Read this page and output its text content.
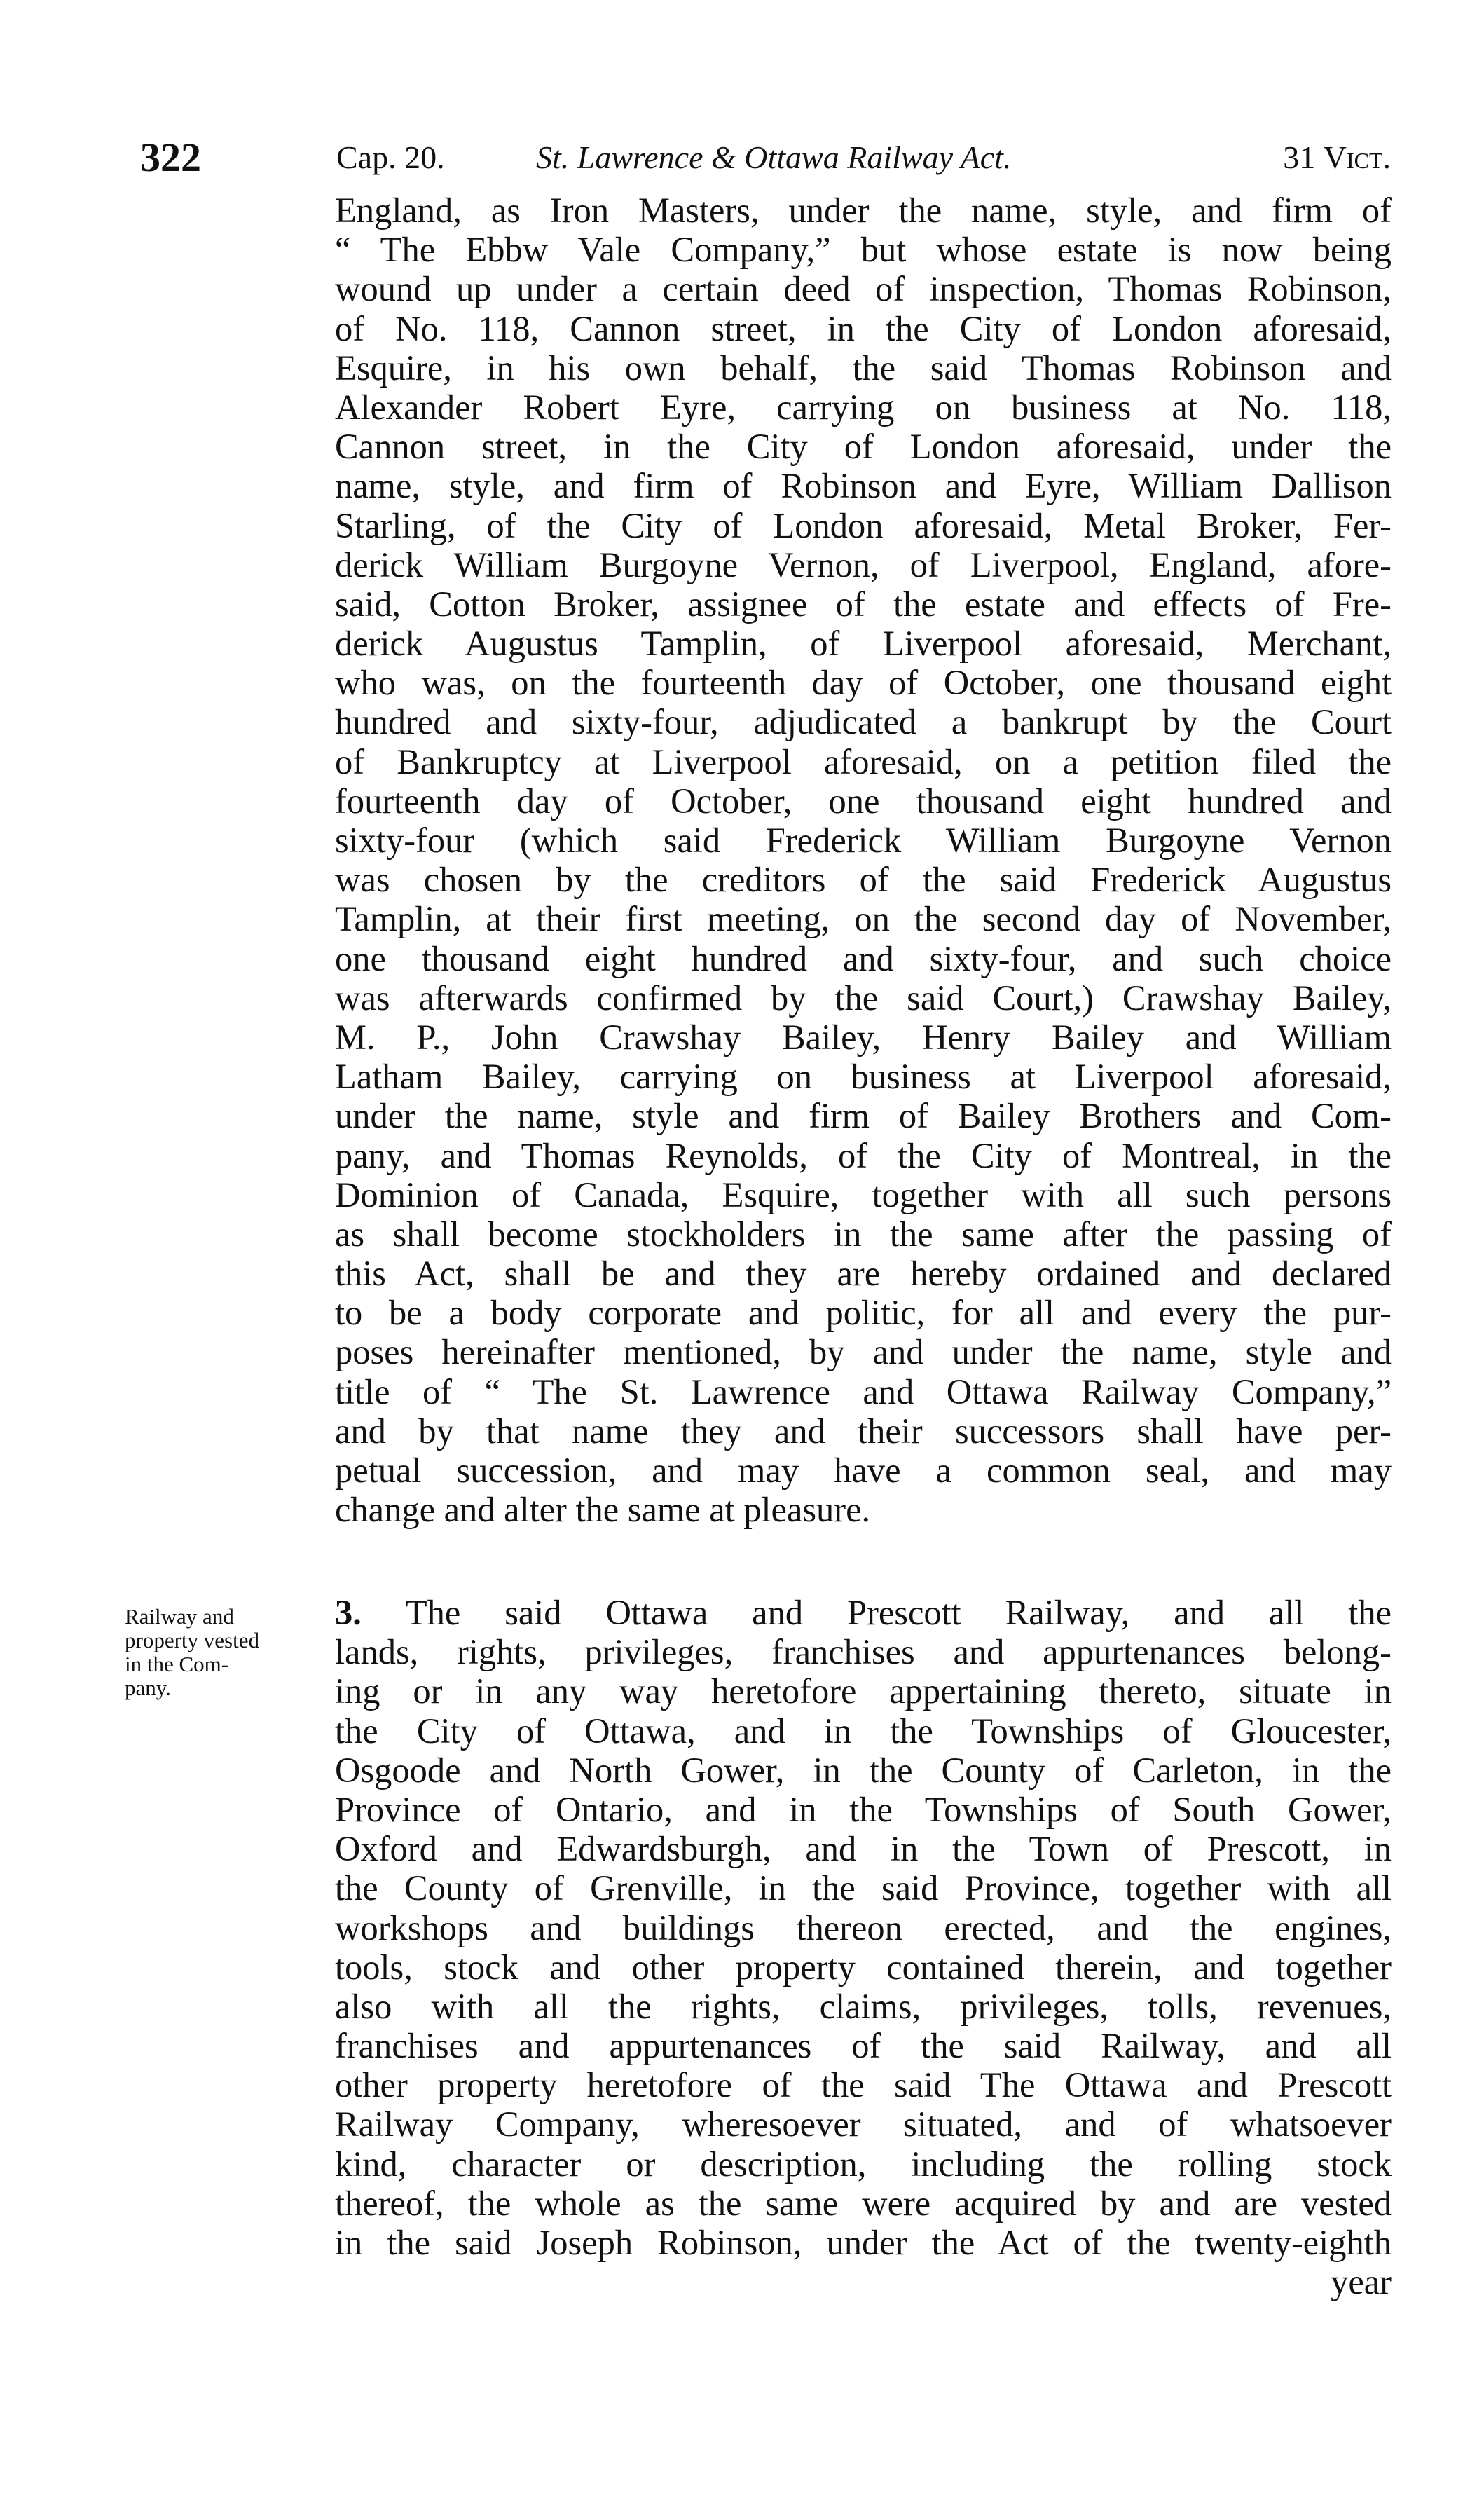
322	Cap. 20.	St. Lawrence & Ottawa Railway Act.	31 Vict.
England, as Iron Masters, under the name, style, and firm of
“ The Ebbw Vale Company,” but whose estate is now being
wound up under a certain deed of inspection, Thomas Robinson,
of No. 118, Cannon street, in the City of London aforesaid,
Esquire, in his own behalf, the said Thomas Robinson and
Alexander Robert Eyre, carrying on business at No. 118,
Cannon street, in the City of London aforesaid, under the
name, style, and firm of Robinson and Eyre, William Dallison
Starling, of the City of London aforesaid, Metal Broker, Fer-
derick William Burgoyne Vernon, of Liverpool, England, afore-
said, Cotton Broker, assignee of the estate and effects of Fre-
derick Augustus Tamplin, of Liverpool aforesaid, Merchant,
who was, on the fourteenth day of October, one thousand eight
hundred and sixty-four, adjudicated a bankrupt by the Court
of Bankruptcy at Liverpool aforesaid, on a petition filed the
fourteenth day of October, one thousand eight hundred and
sixty-four (which said Frederick William Burgoyne Vernon
was chosen by the creditors of the said Frederick Augustus
Tamplin, at their first meeting, on the second day of November,
one thousand eight hundred and sixty-four, and such choice
was afterwards confirmed by the said Court,) Crawshay Bailey,
M. P., John Crawshay Bailey, Henry Bailey and William
Latham Bailey, carrying on business at Liverpool aforesaid,
under the name, style and firm of Bailey Brothers and Com-
pany, and Thomas Reynolds, of the City of Montreal, in the
Dominion of Canada, Esquire, together with all such persons
as shall become stockholders in the same after the passing of
this Act, shall be and they are hereby ordained and declared
to be a body corporate and politic, for all and every the pur-
poses hereinafter mentioned, by and under the name, style and
title of “ The St. Lawrence and Ottawa Railway Company,”
and by that name they and their successors shall have per-
petual succession, and may have a common seal, and may
change and alter the same at pleasure.
Railway and
property vested
in the Com-
pany.
3. The said Ottawa and Prescott Railway, and all the
lands, rights, privileges, franchises and appurtenances belong-
ing or in any way heretofore appertaining thereto, situate in
the City of Ottawa, and in the Townships of Gloucester,
Osgoode and North Gower, in the County of Carleton, in the
Province of Ontario, and in the Townships of South Gower,
Oxford and Edwardsburgh, and in the Town of Prescott, in
the County of Grenville, in the said Province, together with all
workshops and buildings thereon erected, and the engines,
tools, stock and other property contained therein, and together
also with all the rights, claims, privileges, tolls, revenues,
franchises and appurtenances of the said Railway, and all
other property heretofore of the said The Ottawa and Prescott
Railway Company, wheresoever situated, and of whatsoever
kind, character or description, including the rolling stock
thereof, the whole as the same were acquired by and are vested
in the said Joseph Robinson, under the Act of the twenty-eighth
year
